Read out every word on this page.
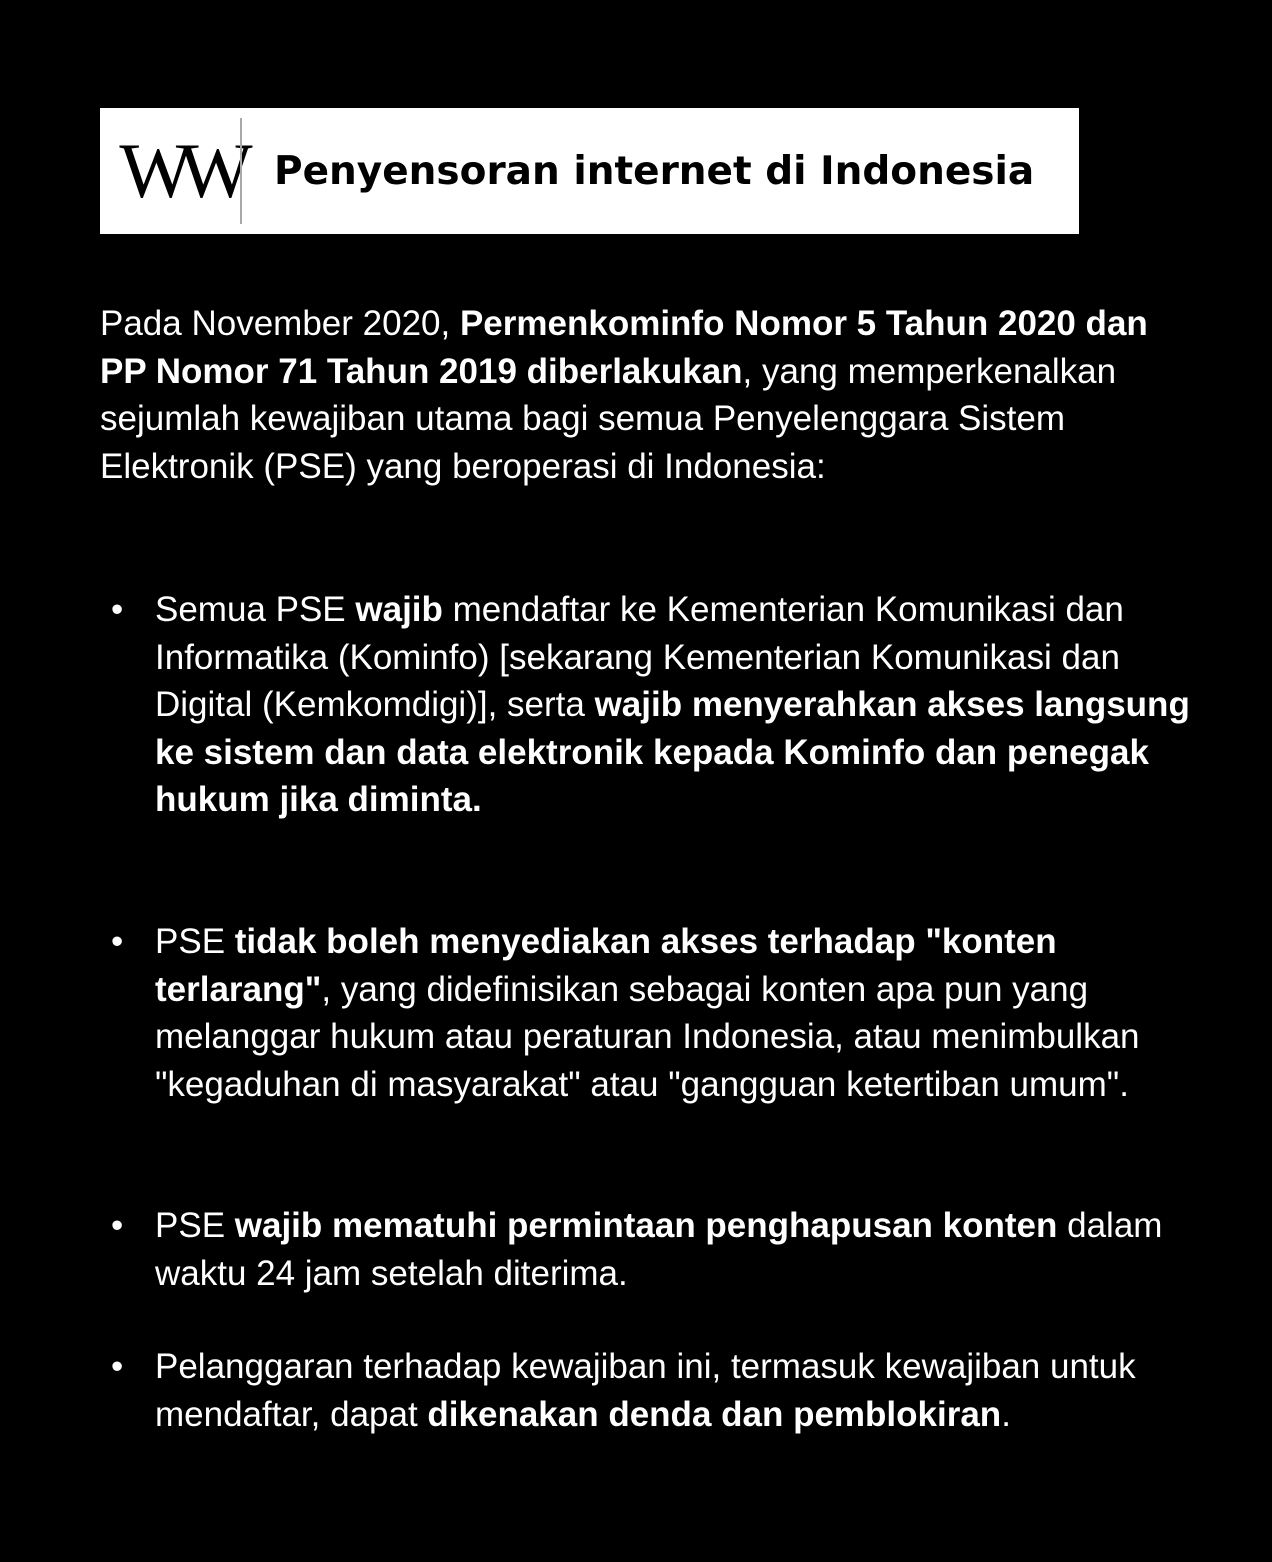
W W Penyensoran internet di Indonesia

Pada November 2020, Permenkominfo Nomor 5 Tahun 2020 dan PP Nomor 71 Tahun 2019 diberlakukan, yang memperkenalkan sejumlah kewajiban utama bagi semua Penyelenggara Sistem Elektronik (PSE) yang beroperasi di Indonesia:

• Semua PSE wajib mendaftar ke Kementerian Komunikasi dan Informatika (Kominfo) [sekarang Kementerian Komunikasi dan Digital (Kemkomdigi)], serta wajib menyerahkan akses langsung ke sistem dan data elektronik kepada Kominfo dan penegak hukum jika diminta.
• PSE tidak boleh menyediakan akses terhadap "konten terlarang", yang didefinisikan sebagai konten apa pun yang melanggar hukum atau peraturan Indonesia, atau menimbulkan "kegaduhan di masyarakat" atau "gangguan ketertiban umum".
• PSE wajib mematuhi permintaan penghapusan konten dalam waktu 24 jam setelah diterima.
• Pelanggaran terhadap kewajiban ini, termasuk kewajiban untuk mendaftar, dapat dikenakan denda dan pemblokiran.
